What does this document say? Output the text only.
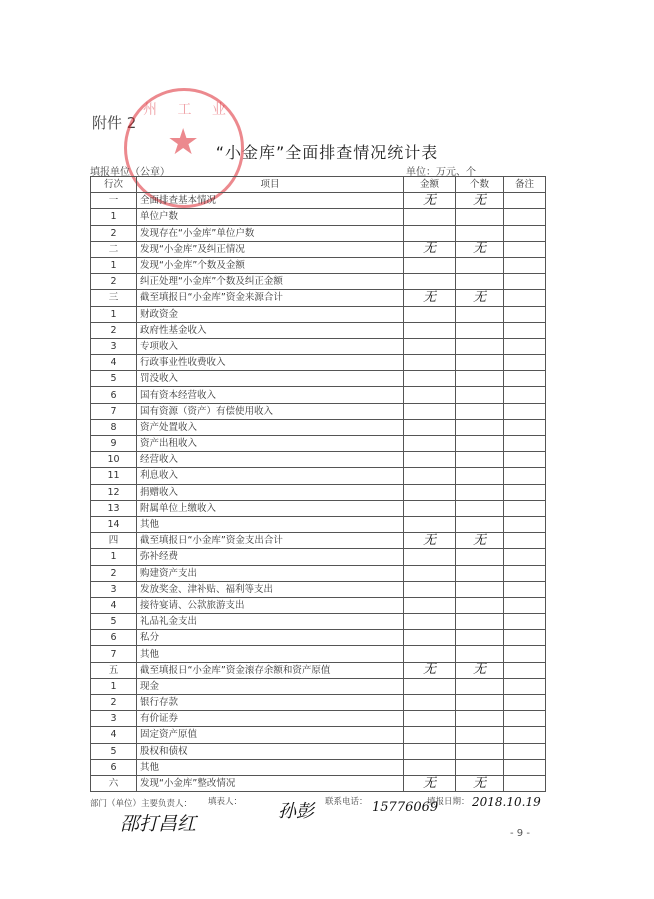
附件 2
州 工 业
★	“小金库”全面排查情况统计表
填报单位（公章）	单位：万元、个
行次	项目	金额	个数	备注
一	全面排查基本情况	无	无	
1	单位户数			
2	发现存在“小金库”单位户数			
二	发现“小金库”及纠正情况	无	无	
1	发现“小金库”个数及金额			
2	纠正处理“小金库”个数及纠正金额			
三	截至填报日“小金库”资金来源合计	无	无	
1	财政资金			
2	政府性基金收入			
3	专项收入			
4	行政事业性收费收入			
5	罚没收入			
6	国有资本经营收入			
7	国有资源（资产）有偿使用收入			
8	资产处置收入			
9	资产出租收入			
10	经营收入			
11	利息收入			
12	捐赠收入			
13	附属单位上缴收入			
14	其他			
四	截至填报日“小金库”资金支出合计	无	无	
1	弥补经费			
2	购建资产支出			
3	发放奖金、津补贴、福利等支出			
4	接待宴请、公款旅游支出			
5	礼品礼金支出			
6	私分			
7	其他			
五	截至填报日“小金库”资金滚存余额和资产原值	无	无	
1	现金			
2	银行存款			
3	有价证券			
4	固定资产原值			
5	股权和债权			
6	其他			
六	发现“小金库”整改情况	无	无	
部门（单位）主要负责人： 填表人：	联系电话：	填报日期：
邵打昌红
孙彭	15776069	2018.10.19
- 9 -
